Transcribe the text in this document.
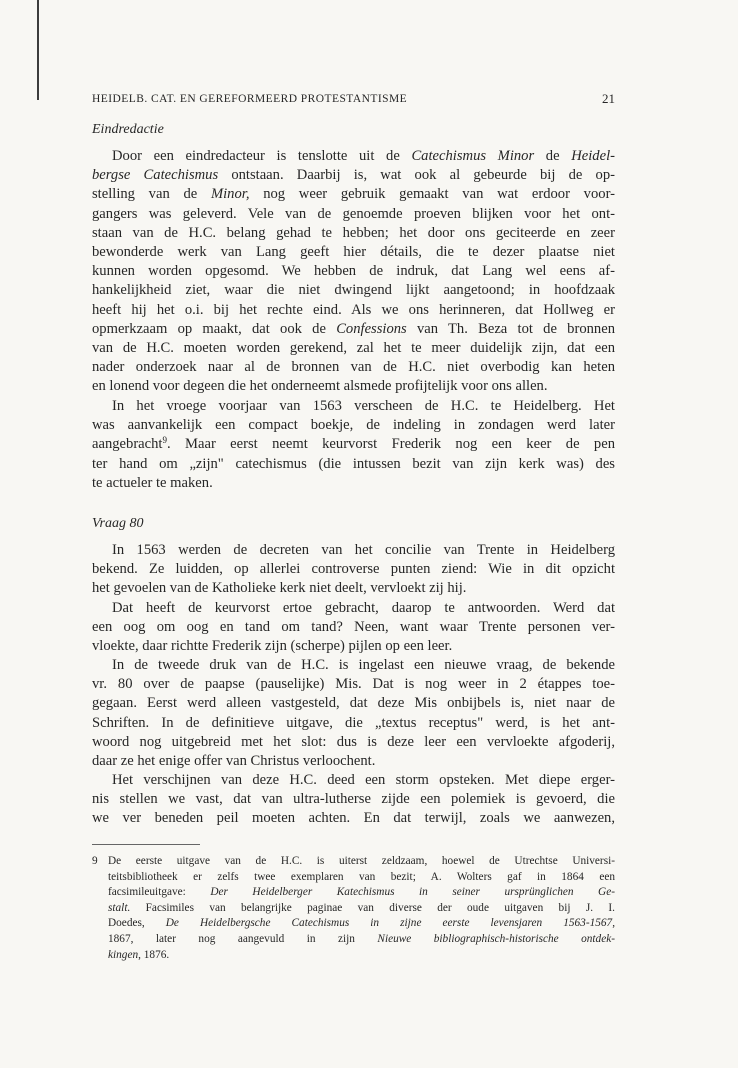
HEIDELB. CAT. EN GEREFORMEERD PROTESTANTISME	21
Eindredactie
Door een eindredacteur is tenslotte uit de Catechismus Minor de Heidel-
bergse Catechismus ontstaan. Daarbij is, wat ook al gebeurde bij de op-
stelling van de Minor, nog weer gebruik gemaakt van wat erdoor voor-
gangers was geleverd. Vele van de genoemde proeven blijken voor het ont-
staan van de H.C. belang gehad te hebben; het door ons geciteerde en zeer
bewonderde werk van Lang geeft hier détails, die te dezer plaatse niet
kunnen worden opgesomd. We hebben de indruk, dat Lang wel eens af-
hankelijkheid ziet, waar die niet dwingend lijkt aangetoond; in hoofdzaak
heeft hij het o.i. bij het rechte eind. Als we ons herinneren, dat Hollweg er
opmerkzaam op maakt, dat ook de Confessions van Th. Beza tot de bronnen
van de H.C. moeten worden gerekend, zal het te meer duidelijk zijn, dat een
nader onderzoek naar al de bronnen van de H.C. niet overbodig kan heten
en lonend voor degeen die het onderneemt alsmede profijtelijk voor ons allen.
In het vroege voorjaar van 1563 verscheen de H.C. te Heidelberg. Het
was aanvankelijk een compact boekje, de indeling in zondagen werd later
aangebracht$^9$. Maar eerst neemt keurvorst Frederik nog een keer de pen
ter hand om „zijn" catechismus (die intussen bezit van zijn kerk was) des
te actueler te maken.
Vraag 80
In 1563 werden de decreten van het concilie van Trente in Heidelberg
bekend. Ze luidden, op allerlei controverse punten ziend: Wie in dit opzicht
het gevoelen van de Katholieke kerk niet deelt, vervloekt zij hij.
Dat heeft de keurvorst ertoe gebracht, daarop te antwoorden. Werd dat
een oog om oog en tand om tand? Neen, want waar Trente personen ver-
vloekte, daar richtte Frederik zijn (scherpe) pijlen op een leer.
In de tweede druk van de H.C. is ingelast een nieuwe vraag, de bekende
vr. 80 over de paapse (pauselijke) Mis. Dat is nog weer in 2 étappes toe-
gegaan. Eerst werd alleen vastgesteld, dat deze Mis onbijbels is, niet naar de
Schriften. In de definitieve uitgave, die „textus receptus" werd, is het ant-
woord nog uitgebreid met het slot: dus is deze leer een vervloekte afgoderij,
daar ze het enige offer van Christus verloochent.
Het verschijnen van deze H.C. deed een storm opsteken. Met diepe erger-
nis stellen we vast, dat van ultra-lutherse zijde een polemiek is gevoerd, die
we ver beneden peil moeten achten. En dat terwijl, zoals we aanwezen,
9 De eerste uitgave van de H.C. is uiterst zeldzaam, hoewel de Utrechtse Universi-
teitsbibliotheek er zelfs twee exemplaren van bezit; A. Wolters gaf in 1864 een
facsimileuitgave: Der Heidelberger Katechismus in seiner ursprünglichen Ge-
stalt. Facsimiles van belangrijke paginae van diverse der oude uitgaven bij J. I.
Doedes, De Heidelbergsche Catechismus in zijne eerste levensjaren 1563-1567,
1867, later nog aangevuld in zijn Nieuwe bibliographisch-historische ontdek-
kingen, 1876.
